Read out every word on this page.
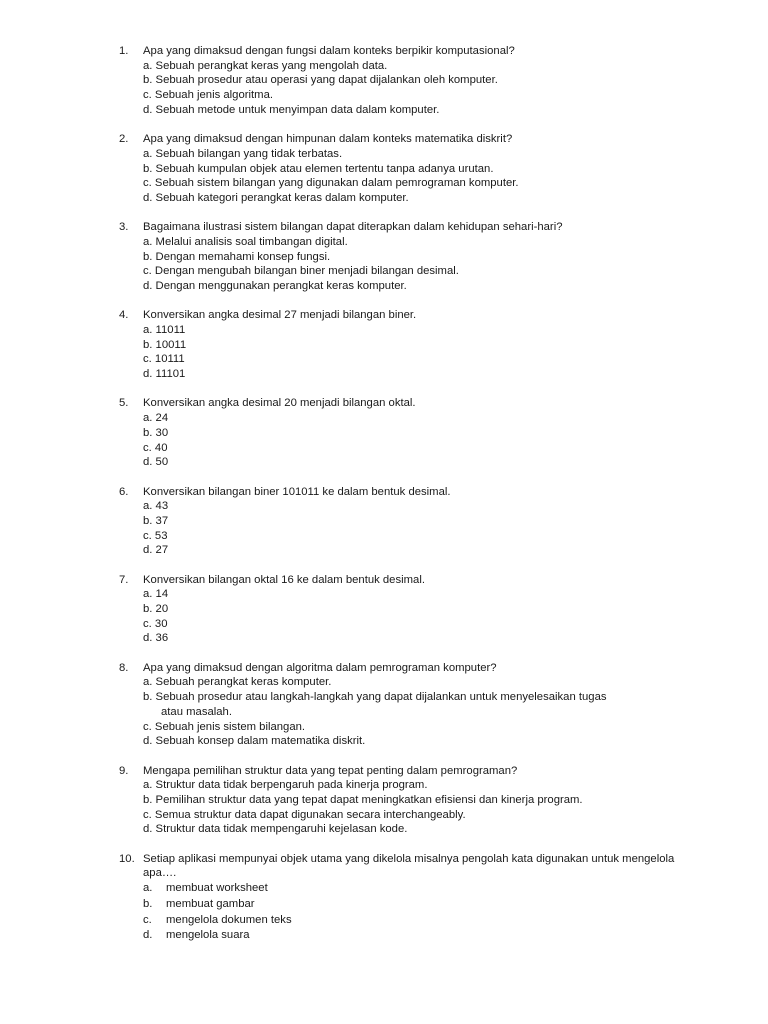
1. Apa yang dimaksud dengan fungsi dalam konteks berpikir komputasional?
a. Sebuah perangkat keras yang mengolah data.
b. Sebuah prosedur atau operasi yang dapat dijalankan oleh komputer.
c. Sebuah jenis algoritma.
d. Sebuah metode untuk menyimpan data dalam komputer.
2. Apa yang dimaksud dengan himpunan dalam konteks matematika diskrit?
a. Sebuah bilangan yang tidak terbatas.
b. Sebuah kumpulan objek atau elemen tertentu tanpa adanya urutan.
c. Sebuah sistem bilangan yang digunakan dalam pemrograman komputer.
d. Sebuah kategori perangkat keras dalam komputer.
3. Bagaimana ilustrasi sistem bilangan dapat diterapkan dalam kehidupan sehari-hari?
a. Melalui analisis soal timbangan digital.
b. Dengan memahami konsep fungsi.
c. Dengan mengubah bilangan biner menjadi bilangan desimal.
d. Dengan menggunakan perangkat keras komputer.
4. Konversikan angka desimal 27 menjadi bilangan biner.
a. 11011
b. 10011
c. 10111
d. 11101
5. Konversikan angka desimal 20 menjadi bilangan oktal.
a. 24
b. 30
c. 40
d. 50
6. Konversikan bilangan biner 101011 ke dalam bentuk desimal.
a. 43
b. 37
c. 53
d. 27
7. Konversikan bilangan oktal 16 ke dalam bentuk desimal.
a. 14
b. 20
c. 30
d. 36
8. Apa yang dimaksud dengan algoritma dalam pemrograman komputer?
a. Sebuah perangkat keras komputer.
b. Sebuah prosedur atau langkah-langkah yang dapat dijalankan untuk menyelesaikan tugas
atau masalah.
c. Sebuah jenis sistem bilangan.
d. Sebuah konsep dalam matematika diskrit.
9. Mengapa pemilihan struktur data yang tepat penting dalam pemrograman?
a. Struktur data tidak berpengaruh pada kinerja program.
b. Pemilihan struktur data yang tepat dapat meningkatkan efisiensi dan kinerja program.
c. Semua struktur data dapat digunakan secara interchangeably.
d. Struktur data tidak mempengaruhi kejelasan kode.
10. Setiap aplikasi mempunyai objek utama yang dikelola misalnya pengolah kata digunakan untuk mengelola apa….
a. membuat worksheet
b. membuat gambar
c. mengelola dokumen teks
d. mengelola suara
